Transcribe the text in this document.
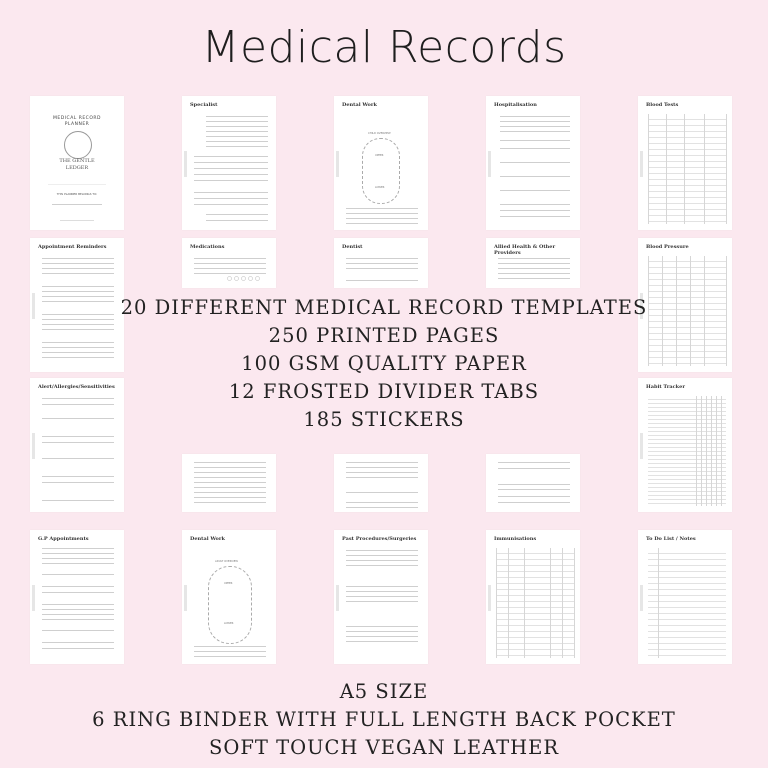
Medical Records
MEDICAL RECORD
PLANNER
THE GENTLE
LEDGER
THIS PLANNER BELONGS TO:
Specialist	Dental Work
CHILD OVERVIEW
UPPER
LOWER
Hospitalisation	Blood Tests
Appointment Reminders	Medications	Dentist	Allied Health & Other Providers
Blood Pressure
Alert/Allergies/Sensitivities	Habit Tracker
G.P Appointments	Dental Work
ADULT OVERVIEW
UPPER
LOWER
Past Procedures/Surgeries	Immunisations	To Do List / Notes
20 DIFFERENT MEDICAL RECORD TEMPLATES
250 PRINTED PAGES
100 GSM QUALITY PAPER
12 FROSTED DIVIDER TABS
185 STICKERS
A5 SIZE
6 RING BINDER WITH FULL LENGTH BACK POCKET
SOFT TOUCH VEGAN LEATHER
